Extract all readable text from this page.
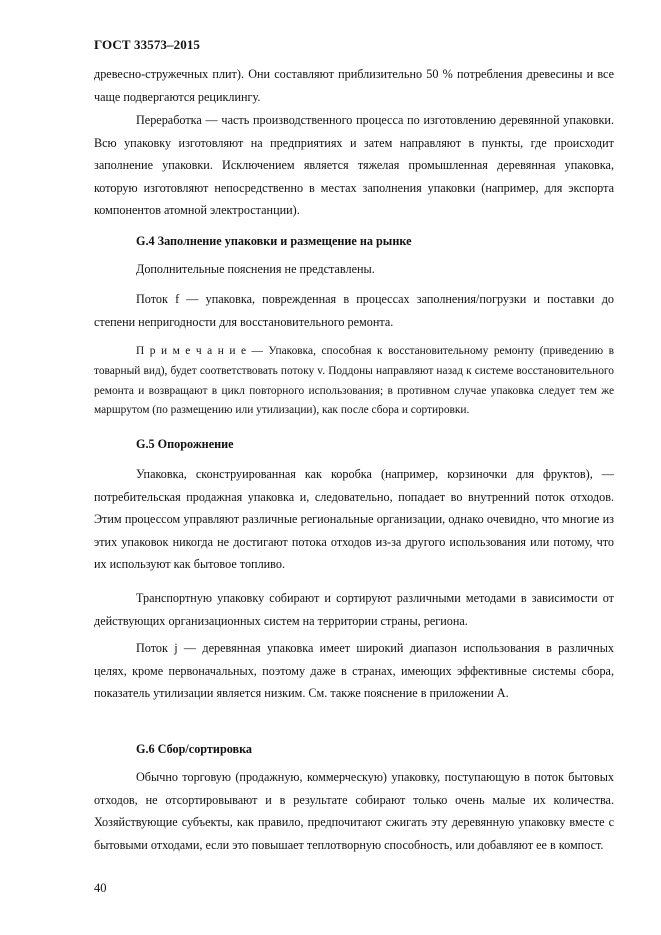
ГОСТ 33573–2015

древесно-стружечных плит). Они составляют приблизительно 50 % потребления древесины и все чаще подвергаются рециклингу.

Переработка — часть производственного процесса по изготовлению деревянной упаковки. Всю упаковку изготовляют на предприятиях и затем направляют в пункты, где происходит заполнение упаковки. Исключением является тяжелая промышленная деревянная упаковка, которую изготовляют непосредственно в местах заполнения упаковки (например, для экспорта компонентов атомной электростанции).

G.4 Заполнение упаковки и размещение на рынке

Дополнительные пояснения не представлены.

Поток f — упаковка, поврежденная в процессах заполнения/погрузки и поставки до степени непригодности для восстановительного ремонта.

П р и м е ч а н и е — Упаковка, способная к восстановительному ремонту (приведению в товарный вид), будет соответствовать потоку v. Поддоны направляют назад к системе восстановительного ремонта и возвращают в цикл повторного использования; в противном случае упаковка следует тем же маршрутом (по размещению или утилизации), как после сбора и сортировки.

G.5 Опорожнение

Упаковка, сконструированная как коробка (например, корзиночки для фруктов), — потребительская продажная упаковка и, следовательно, попадает во внутренний поток отходов. Этим процессом управляют различные региональные организации, однако очевидно, что многие из этих упаковок никогда не достигают потока отходов из-за другого использования или потому, что их используют как бытовое топливо.

Транспортную упаковку собирают и сортируют различными методами в зависимости от действующих организационных систем на территории страны, региона.

Поток j — деревянная упаковка имеет широкий диапазон использования в различных целях, кроме первоначальных, поэтому даже в странах, имеющих эффективные системы сбора, показатель утилизации является низким. См. также пояснение в приложении А.

G.6 Сбор/сортировка

Обычно торговую (продажную, коммерческую) упаковку, поступающую в поток бытовых отходов, не отсортировывают и в результате собирают только очень малые их количества. Хозяйствующие субъекты, как правило, предпочитают сжигать эту деревянную упаковку вместе с бытовыми отходами, если это повышает теплотворную способность, или добавляют ее в компост.

40
